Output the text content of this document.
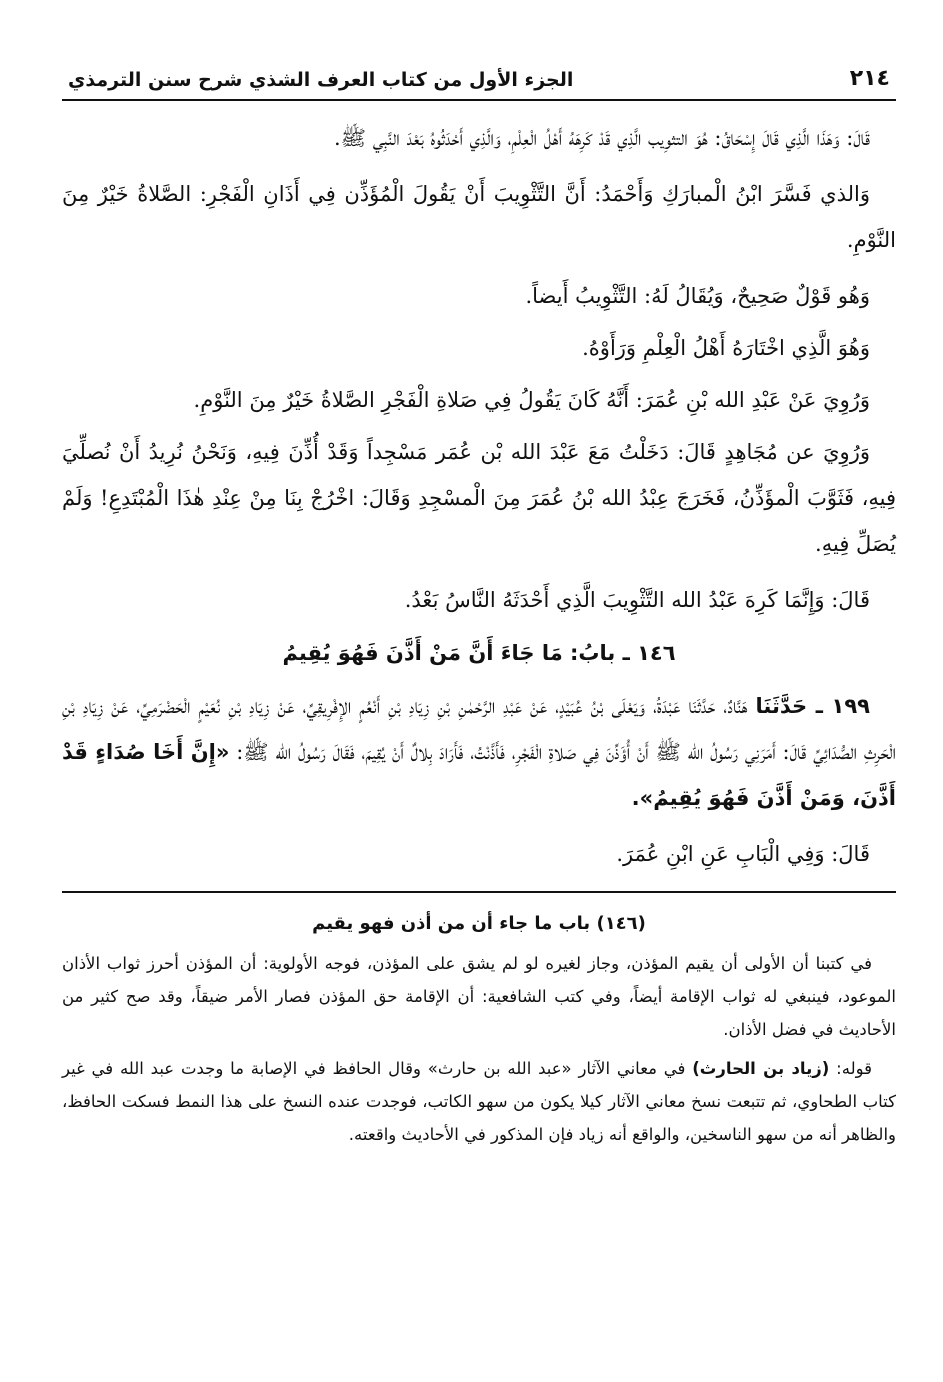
٢١٤
الجزء الأول من كتاب العرف الشذي شرح سنن الترمذي

قَالَ: وَهَذَا الَّذِي قَالَ إِسْحَاقُ: هُوَ التثوِيب الَّذِي قَدْ كَرِهَهُ أَهْلُ الْعِلْمِ، وَالَّذِي أَحْدَثُوهُ بَعْدَ النَّبِي ﷺ.

وَالذي فَسَّرَ ابْنُ الْمبارَكِ وَأَحْمَدُ: أَنَّ التَّثْوِيبَ أَنْ يَقُولَ الْمُؤَذِّن فِي أَذَانِ الْفَجْرِ: الصَّلاةُ خَيْرٌ مِنَ النَّوْمِ.

وَهُو قَوْلٌ صَحِيحٌ، وَيُقَالُ لَهُ: التَّثْوِيبُ أَيضاً.

وَهُوَ الَّذِي اخْتَارَهُ أَهْلُ الْعِلْمِ وَرَأَوْهُ.

وَرُوِيَ عَنْ عَبْدِ الله بْنِ عُمَرَ: أَنَّهُ كَانَ يَقُولُ فِي صَلاةِ الْفَجْرِ الصَّلاةُ خَيْرٌ مِنَ النَّوْمِ.

وَرُوِيَ عن مُجَاهِدٍ قَالَ: دَخَلْتُ مَعَ عَبْدَ الله بْن عُمَر مَسْجِداً وَقَدْ أُذِّنَ فِيهِ، وَنَحْنُ نُرِيدُ أَنْ نُصلِّيَ فِيهِ، فَثَوَّبَ الْمؤَذِّنُ، فَخَرَجَ عِبْدُ الله بْنُ عُمَرَ مِنَ الْمسْجِدِ وَقَالَ: اخْرُجْ بِنَا مِنْ عِنْدِ هٰذَا الْمُبْتَدِعِ! وَلَمْ يُصَلِّ فِيهِ.

قَالَ: وَإِنَّمَا كَرِهَ عَبْدُ الله التَّثْوِيبَ الَّذِي أَحْدَثَهُ النَّاسُ بَعْدُ.

١٤٦ ـ بابُ: مَا جَاءَ أَنَّ مَنْ أَذَّنَ فَهُوَ يُقِيمُ

١٩٩ ـ حَدَّثَنَا هَنَّادٌ، حَدَّثَنَا عَبْدَةُ، وَيَعْلَى بْنُ عُبَيْدٍ، عَنْ عَبْدِ الرَّحْمٰنِ بْنِ زِيَادِ بْنِ أَنْعُمٍ الإِفْرِيقِيِّ، عَنْ زِيَادِ بْنِ نُعَيْمٍ الْحَضْرَمِيِّ، عَنْ زِيَادِ بْنِ الْحَرِثِ الصُّدَائِيِّ قَالَ: أَمَرَنِي رَسُولُ الله ﷺ أَنْ أُؤَذِّنَ فِي صَلاةِ الْفَجْرِ، فَأَذَّنْتُ، فَأَرَادَ بِلالٌ أَنْ يُقِيمَ، فَقَالَ رَسُولُ الله ﷺ: «إِنَّ أَخَا صُدَاءٍ قَدْ أَذَّنَ، وَمَنْ أَذَّنَ فَهُوَ يُقِيمُ».

قَالَ: وَفِي الْبَابِ عَنِ ابْنِ عُمَرَ.

(١٤٦) باب ما جاء أن من أذن فهو يقيم

في كتبنا أن الأولى أن يقيم المؤذن، وجاز لغيره لو لم يشق على المؤذن، فوجه الأولوية: أن المؤذن أحرز ثواب الأذان الموعود، فينبغي له ثواب الإقامة أيضاً، وفي كتب الشافعية: أن الإقامة حق المؤذن فصار الأمر ضيقاً، وقد صح كثير من الأحاديث في فضل الأذان.

قوله: (زياد بن الحارث) في معاني الآثار «عبد الله بن حارث» وقال الحافظ في الإصابة ما وجدت عبد الله في غير كتاب الطحاوي، ثم تتبعت نسخ معاني الآثار كيلا يكون من سهو الكاتب، فوجدت عنده النسخ على هذا النمط فسكت الحافظ، والظاهر أنه من سهو الناسخين، والواقع أنه زياد فإن المذكور في الأحاديث واقعته.
